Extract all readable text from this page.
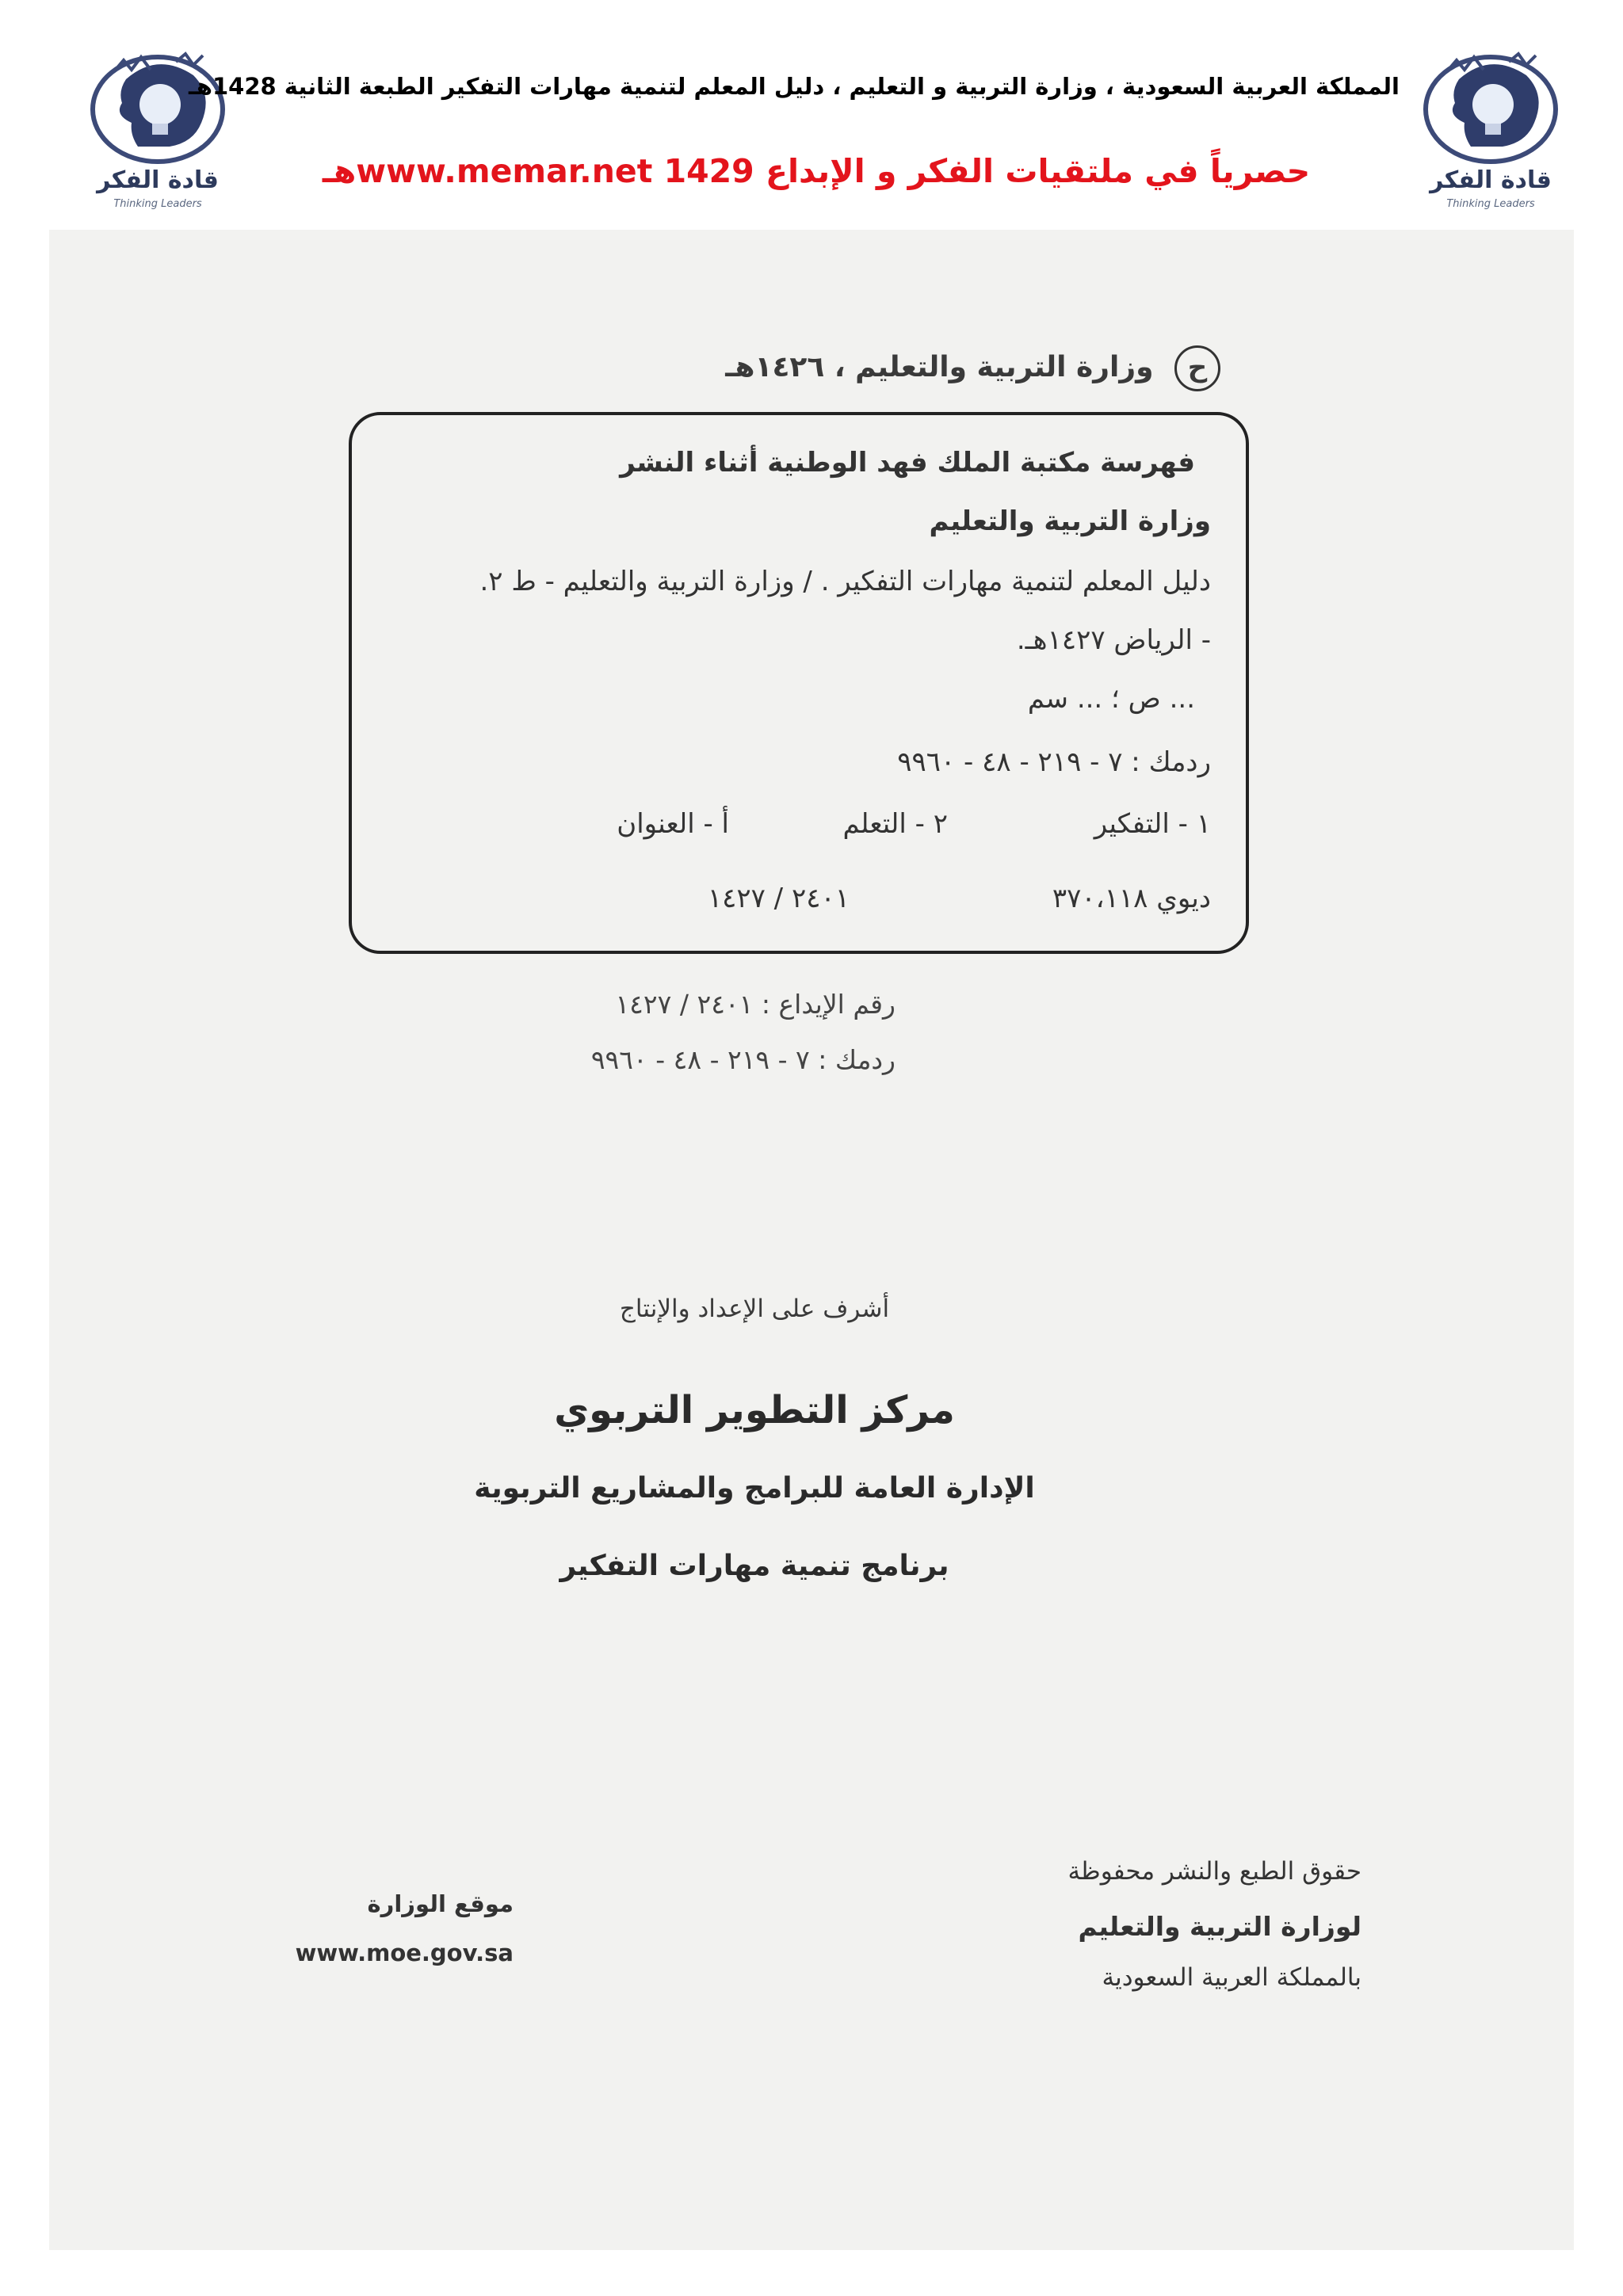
قادة الفكر
Thinking Leaders
قادة الفكر
Thinking Leaders
المملكة العربية السعودية ، وزارة التربية و التعليم ، دليل المعلم لتنمية مهارات التفكير الطبعة الثانية 1428هـ
حصرياً في ملتقيات الفكر و الإبداع www.memar.net 1429هـ
ح وزارة التربية والتعليم ، ١٤٢٦هـ
فهرسة مكتبة الملك فهد الوطنية أثناء النشر
وزارة التربية والتعليم
دليل المعلم لتنمية مهارات التفكير . / وزارة التربية والتعليم - ط ٢.
- الرياض ١٤٢٧هـ.
... ص ؛ ... سم
ردمك : ٧ - ٢١٩ - ٤٨ - ٩٩٦٠
١ - التفكير
٢ - التعلم
أ - العنوان
ديوي ٣٧٠،١١٨
٢٤٠١ / ١٤٢٧
رقم الإيداع : ٢٤٠١ / ١٤٢٧
ردمك : ٧ - ٢١٩ - ٤٨ - ٩٩٦٠
أشرف على الإعداد والإنتاج
مركز التطوير التربوي
الإدارة العامة للبرامج والمشاريع التربوية
برنامج تنمية مهارات التفكير
حقوق الطبع والنشر محفوظة
لوزارة التربية والتعليم
بالمملكة العربية السعودية
موقع الوزارة
www.moe.gov.sa
